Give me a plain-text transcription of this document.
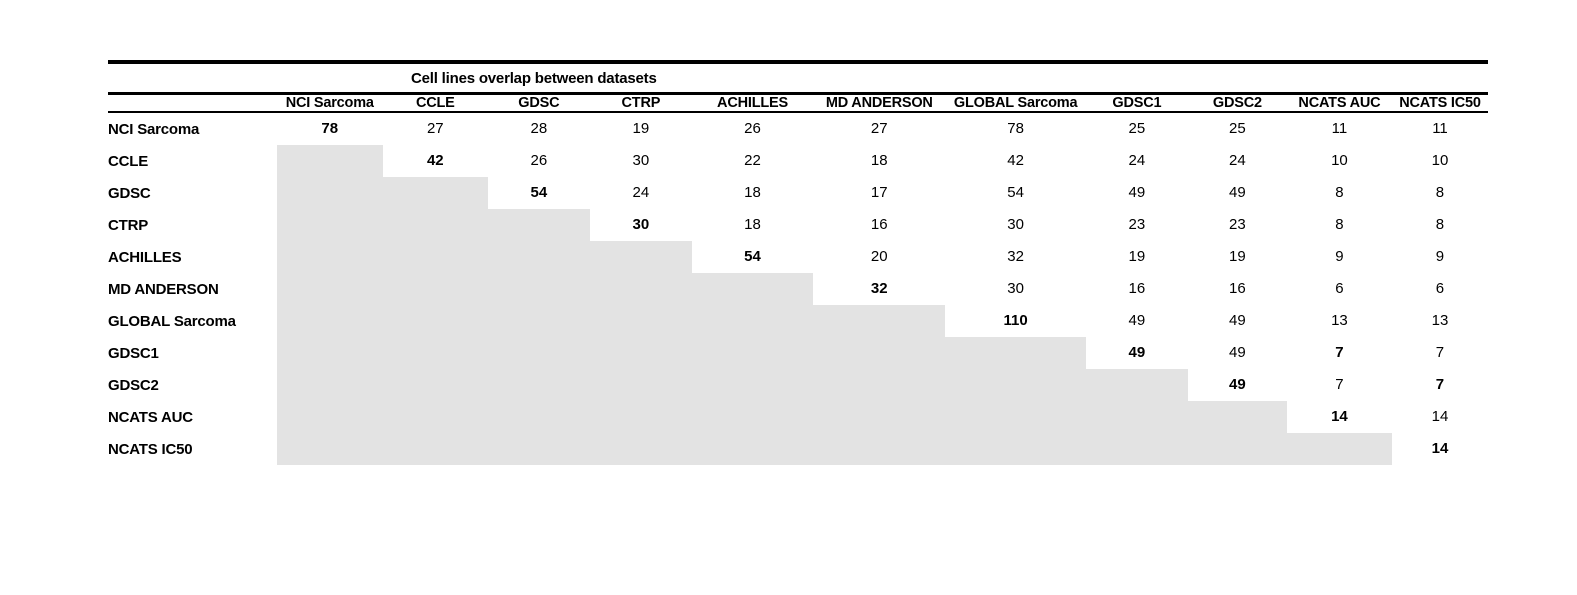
Cell lines overlap between datasets
	NCI Sarcoma	CCLE	GDSC	CTRP	ACHILLES	MD ANDERSON	GLOBAL Sarcoma	GDSC1	GDSC2	NCATS AUC	NCATS IC50
NCI Sarcoma	78	27	28	19	26	27	78	25	25	11	11
CCLE		42	26	30	22	18	42	24	24	10	10
GDSC			54	24	18	17	54	49	49	8	8
CTRP				30	18	16	30	23	23	8	8
ACHILLES					54	20	32	19	19	9	9
MD ANDERSON						32	30	16	16	6	6
GLOBAL Sarcoma							110	49	49	13	13
GDSC1								49	49	7	7
GDSC2									49	7	7
NCATS AUC										14	14
NCATS IC50											14
